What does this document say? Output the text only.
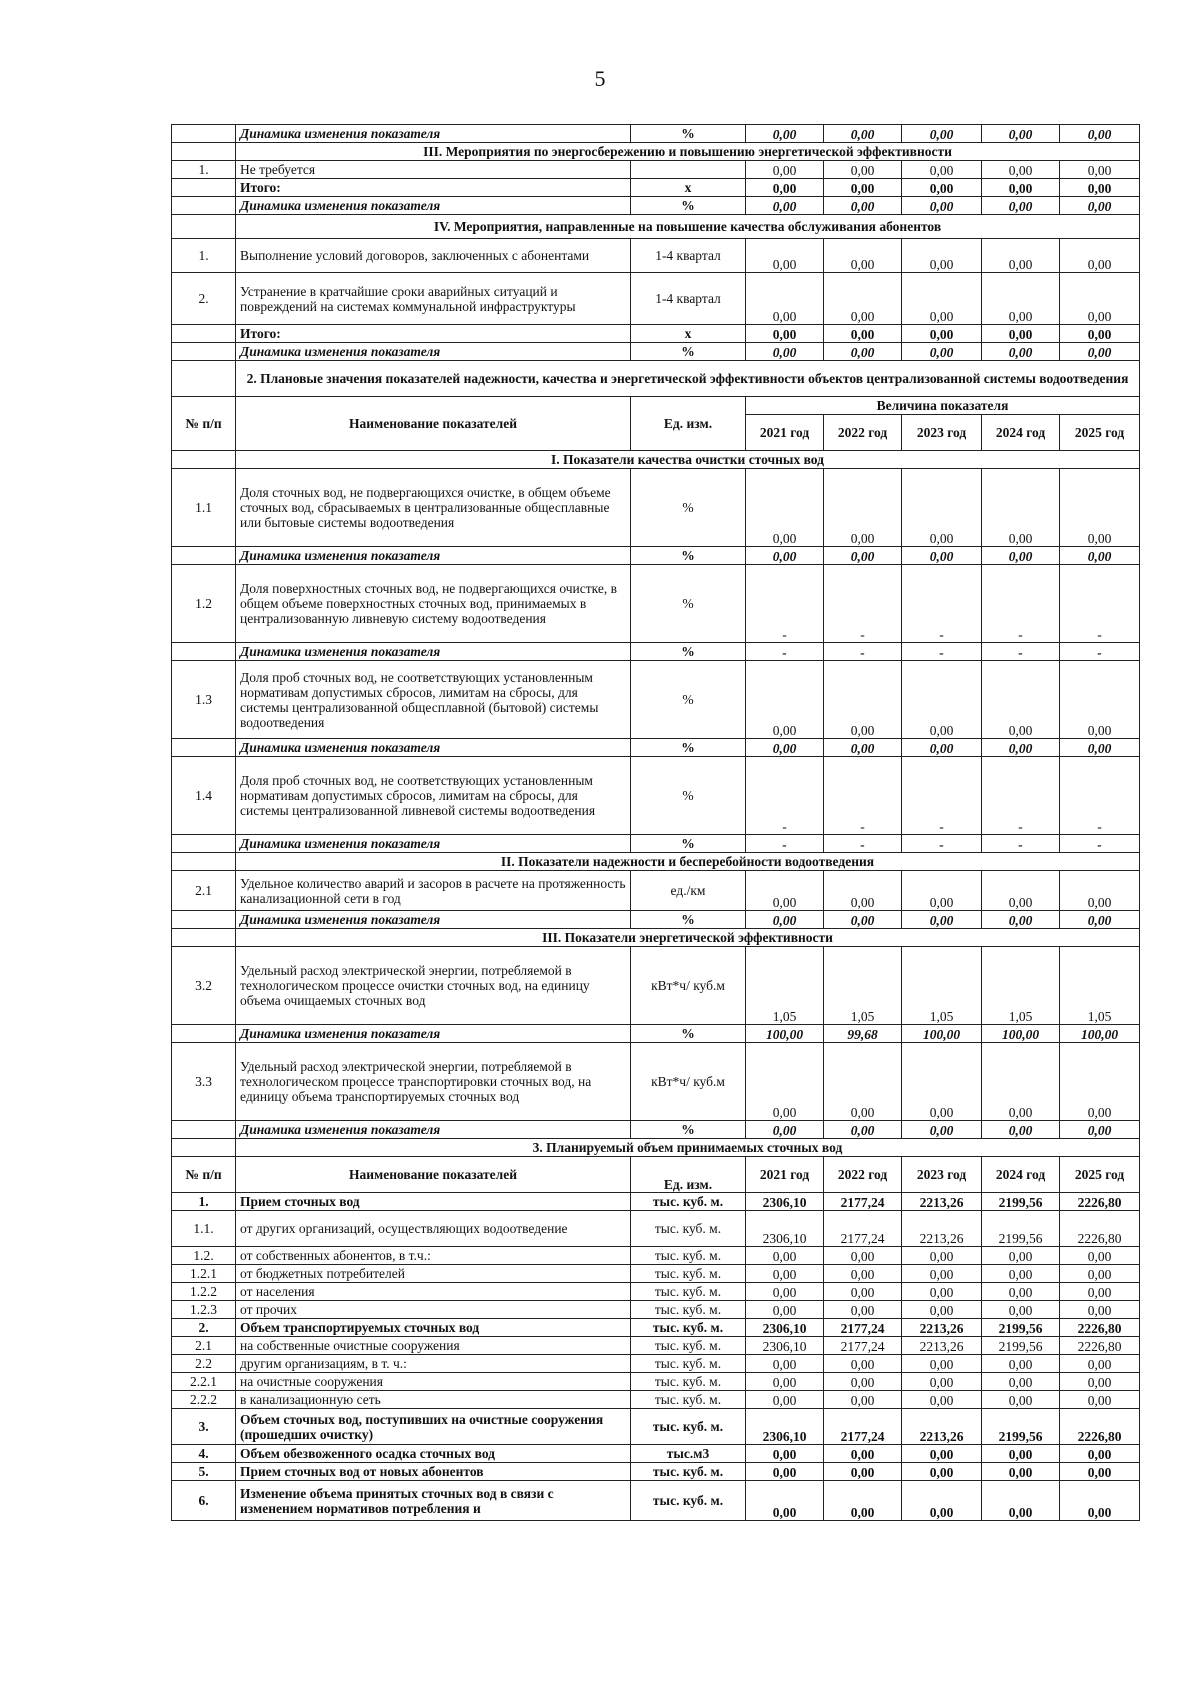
5
	Динамика изменения показателя	%	0,00	0,00	0,00	0,00	0,00
	III. Мероприятия по энергосбережению и повышению энергетической эффективности						
1.	Не требуется		0,00	0,00	0,00	0,00	0,00
	Итого:	х	0,00	0,00	0,00	0,00	0,00
	Динамика изменения показателя	%	0,00	0,00	0,00	0,00	0,00
	IV. Мероприятия, направленные на повышение качества обслуживания абонентов						
1.	Выполнение условий договоров, заключенных с абонентами	1-4 квартал	0,00	0,00	0,00	0,00	0,00
2.	Устранение в кратчайшие сроки аварийных ситуаций и повреждений на системах коммунальной инфраструктуры	1-4 квартал	0,00	0,00	0,00	0,00	0,00
	Итого:	х	0,00	0,00	0,00	0,00	0,00
	Динамика изменения показателя	%	0,00	0,00	0,00	0,00	0,00
	2. Плановые значения показателей надежности, качества и энергетической эффективности объектов централизованной системы водоотведения						
№ п/п	Наименование показателей	Ед. изм.	Величина показателя				
			2021 год	2022 год	2023 год	2024 год	2025 год
	I. Показатели качества очистки сточных вод						
1.1	Доля сточных вод, не подвергающихся очистке, в общем объеме сточных вод, сбрасываемых в централизованные общесплавные или бытовые системы водоотведения	%	0,00	0,00	0,00	0,00	0,00
	Динамика изменения показателя	%	0,00	0,00	0,00	0,00	0,00
1.2	Доля поверхностных сточных вод, не подвергающихся очистке, в общем объеме поверхностных сточных вод, принимаемых в централизованную ливневую систему водоотведения	%	-	-	-	-	-
	Динамика изменения показателя	%	-	-	-	-	-
1.3	Доля проб сточных вод, не соответствующих установленным нормативам допустимых сбросов, лимитам на сбросы, для системы централизованной общесплавной (бытовой) системы водоотведения	%	0,00	0,00	0,00	0,00	0,00
	Динамика изменения показателя	%	0,00	0,00	0,00	0,00	0,00
1.4	Доля проб сточных вод, не соответствующих установленным нормативам допустимых сбросов, лимитам на сбросы, для системы централизованной ливневой системы водоотведения	%	-	-	-	-	-
	Динамика изменения показателя	%	-	-	-	-	-
	II. Показатели надежности и бесперебойности водоотведения						
2.1	Удельное количество аварий и засоров в расчете на протяженность канализационной сети в год	ед./км	0,00	0,00	0,00	0,00	0,00
	Динамика изменения показателя	%	0,00	0,00	0,00	0,00	0,00
	III. Показатели энергетической эффективности						
3.2	Удельный расход электрической энергии, потребляемой в технологическом процессе очистки сточных вод, на единицу объема очищаемых сточных вод	кВт*ч/ куб.м	1,05	1,05	1,05	1,05	1,05
	Динамика изменения показателя	%	100,00	99,68	100,00	100,00	100,00
3.3	Удельный расход электрической энергии, потребляемой в технологическом процессе транспортировки сточных вод, на единицу объема транспортируемых сточных вод	кВт*ч/ куб.м	0,00	0,00	0,00	0,00	0,00
	Динамика изменения показателя	%	0,00	0,00	0,00	0,00	0,00
	3. Планируемый объем принимаемых сточных вод						
№ п/п	Наименование показателей	Ед. изм.	2021 год	2022 год	2023 год	2024 год	2025 год
1.	Прием сточных вод	тыс. куб. м.	2306,10	2177,24	2213,26	2199,56	2226,80
1.1.	от других организаций, осуществляющих водоотведение	тыс. куб. м.	2306,10	2177,24	2213,26	2199,56	2226,80
1.2.	от собственных абонентов, в т.ч.:	тыс. куб. м.	0,00	0,00	0,00	0,00	0,00
1.2.1	от бюджетных потребителей	тыс. куб. м.	0,00	0,00	0,00	0,00	0,00
1.2.2	от населения	тыс. куб. м.	0,00	0,00	0,00	0,00	0,00
1.2.3	от прочих	тыс. куб. м.	0,00	0,00	0,00	0,00	0,00
2.	Объем транспортируемых сточных вод	тыс. куб. м.	2306,10	2177,24	2213,26	2199,56	2226,80
2.1	на собственные очистные сооружения	тыс. куб. м.	2306,10	2177,24	2213,26	2199,56	2226,80
2.2	другим организациям, в т. ч.:	тыс. куб. м.	0,00	0,00	0,00	0,00	0,00
2.2.1	на очистные сооружения	тыс. куб. м.	0,00	0,00	0,00	0,00	0,00
2.2.2	в канализационную сеть	тыс. куб. м.	0,00	0,00	0,00	0,00	0,00
3.	Объем сточных вод, поступивших на очистные сооружения (прошедших очистку)	тыс. куб. м.	2306,10	2177,24	2213,26	2199,56	2226,80
4.	Объем обезвоженного осадка сточных вод	тыс.м3	0,00	0,00	0,00	0,00	0,00
5.	Прием сточных вод от новых абонентов	тыс. куб. м.	0,00	0,00	0,00	0,00	0,00
6.	Изменение объема принятых сточных вод в связи с изменением нормативов потребления и	тыс. куб. м.	0,00	0,00	0,00	0,00	0,00
